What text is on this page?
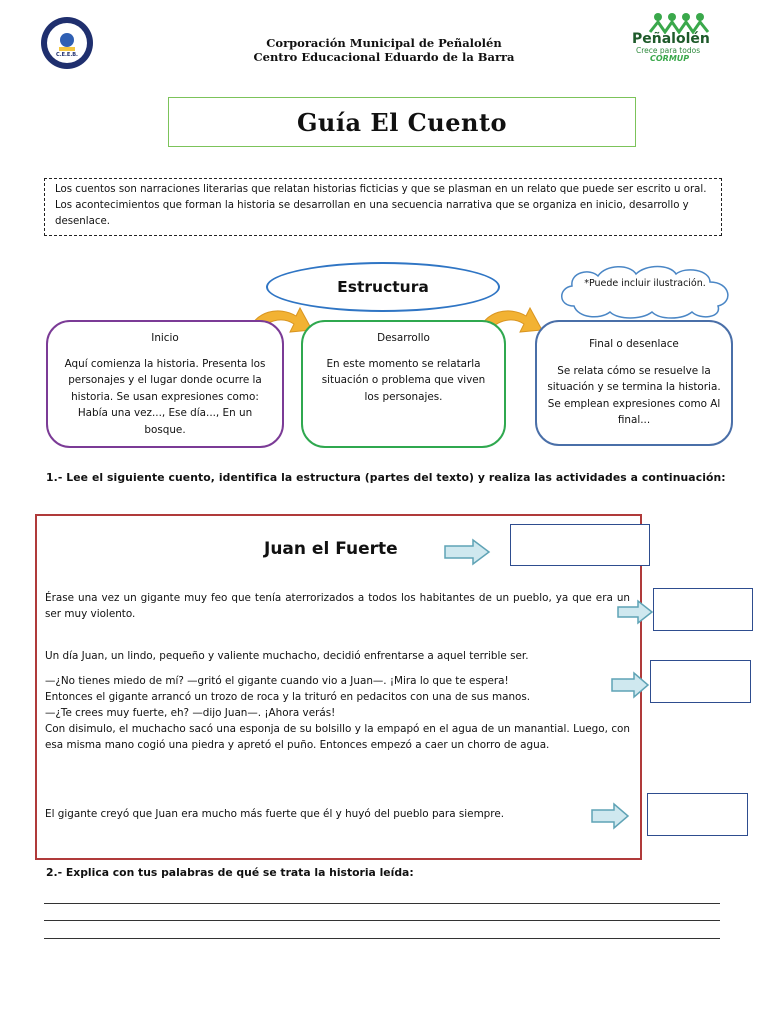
C.E.E.B.
Peñalolén
Crece para todos
CORMUP
Corporación Municipal de Peñalolén
Centro Educacional Eduardo de la Barra
Guía El Cuento
Los cuentos son narraciones literarias que relatan historias ficticias y que se plasman en un relato que puede ser escrito u oral. Los acontecimientos que forman la historia se desarrollan en una secuencia narrativa que se organiza en inicio, desarrollo y desenlace.
Estructura	*Puede incluir ilustración.
Inicio
Aquí comienza la historia. Presenta los personajes y el lugar donde ocurre la historia. Se usan expresiones como: Había una vez..., Ese día..., En un bosque.
Desarrollo
En este momento se relatarla situación o problema que viven los personajes.
Final o desenlace
Se relata cómo se resuelve la situación y se termina la historia. Se emplean expresiones como Al final...
1.- Lee el siguiente cuento, identifica la estructura (partes del texto) y realiza las actividades a continuación:
Juan el Fuerte
Érase una vez un gigante muy feo que tenía aterrorizados a todos los habitantes de un pueblo, ya que era un ser muy violento.
Un día Juan, un lindo, pequeño y valiente muchacho, decidió enfrentarse a aquel terrible ser.
—¿No tienes miedo de mí? —gritó el gigante cuando vio a Juan—. ¡Mira lo que te espera!
Entonces el gigante arrancó un trozo de roca y la trituró en pedacitos con una de sus manos.
—¿Te crees muy fuerte, eh? —dijo Juan—. ¡Ahora verás!
Con disimulo, el muchacho sacó una esponja de su bolsillo y la empapó en el agua de un manantial. Luego, con esa misma mano cogió una piedra y apretó el puño. Entonces empezó a caer un chorro de agua.
El gigante creyó que Juan era mucho más fuerte que él y huyó del pueblo para siempre.
2.- Explica con tus palabras de qué se trata la historia leída:
